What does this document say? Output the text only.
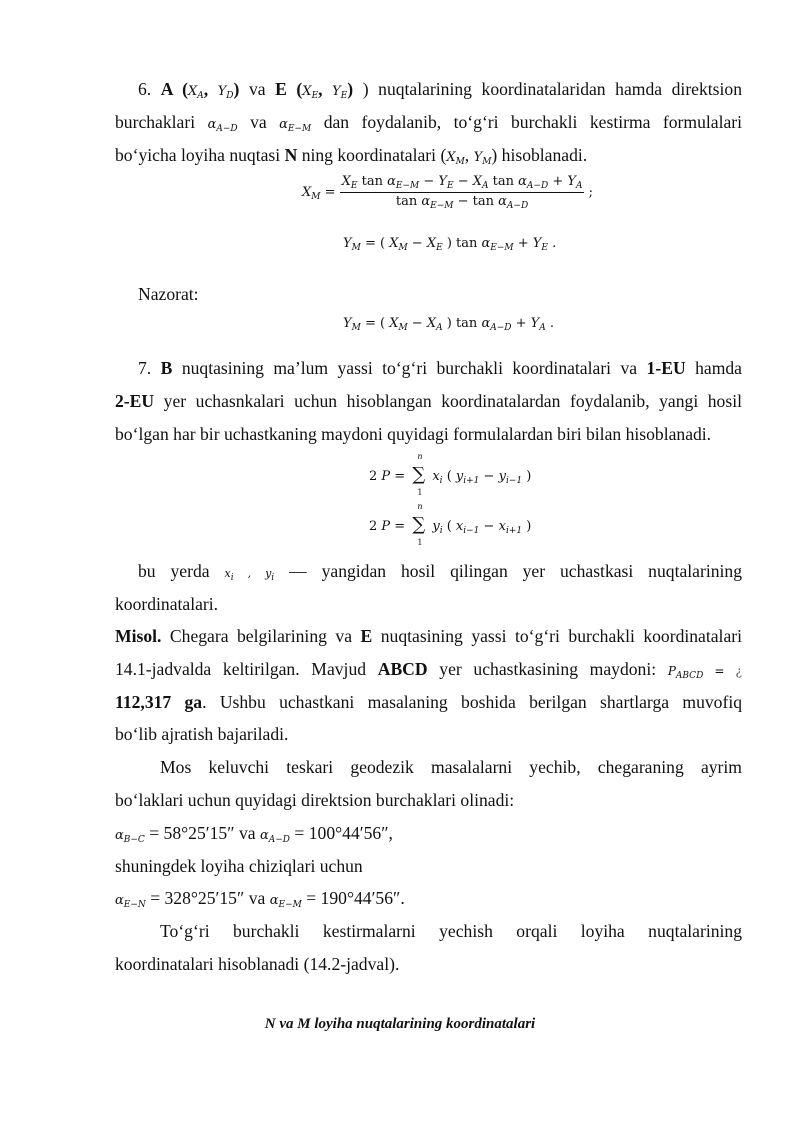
6. A ($X_A$, $Y_D$) va E ($X_E$, $Y_E$) ) nuqtalarining koordinatalaridan hamda direktsion
burchaklari $\alpha_{A-D}$ va $\alpha_{E-M}$ dan foydalanib, to‘g‘ri burchakli kestirma formulalari
bo‘yicha loyiha nuqtasi N ning koordinatalari ($X_M$, $Y_M$) hisoblanadi.
$X_M = \frac{X_E \tan \alpha_{E-M} - Y_E - X_A \tan \alpha_{A-D} + Y_A}{\tan \alpha_{E-M} - \tan \alpha_{A-D}}$ ;
$Y_M$ = ( $X_M - X_E$ ) $\tan \alpha_{E-M} + Y_E$ .
Nazorat:
$Y_M$ = ( $X_M - X_A$ ) $\tan \alpha_{A-D} + Y_A$ .
7. B nuqtasining ma’lum yassi to‘g‘ri burchakli koordinatalari va 1-EU hamda
2-EU yer uchasnkalari uchun hisoblangan koordinatalardan foydalanib, yangi hosil
bo‘lgan har bir uchastkaning maydoni quyidagi formulalardan biri bilan hisoblanadi.
2 P = ∑
n
1
$x_i$ ( $y_{i+1} - y_{i-1}$ )
2 P = ∑
n
1
$y_i$ ( $x_{i-1} - x_{i+1}$ )
bu yerda $x_i$ , $y_i$ — yangidan hosil qilingan yer uchastkasi nuqtalarining
koordinatalari.
Misol. Chegara belgilarining va E nuqtasining yassi to‘g‘ri burchakli koordinatalari
14.1-jadvalda keltirilgan. Mavjud ABCD yer uchastkasining maydoni: $P_{ABCD}$ = ¿
112,317 ga. Ushbu uchastkani masalaning boshida berilgan shartlarga muvofiq
bo‘lib ajratish bajariladi.
Mos keluvchi teskari geodezik masalalarni yechib, chegaraning ayrim
bo‘laklari uchun quyidagi direktsion burchaklari olinadi:
$\alpha_{B-C} = 58^\circ 25'15''$ va $\alpha_{A-D} = 100^\circ 44'56''$,
shuningdek loyiha chiziqlari uchun
$\alpha_{E-N} = 328^\circ 25'15''$ va $\alpha_{E-M} = 190^\circ 44'56''$.
To‘g‘ri burchakli kestirmalarni yechish orqali loyiha nuqtalarining
koordinatalari hisoblanadi (14.2-jadval).
N va M loyiha nuqtalarining koordinatalari
